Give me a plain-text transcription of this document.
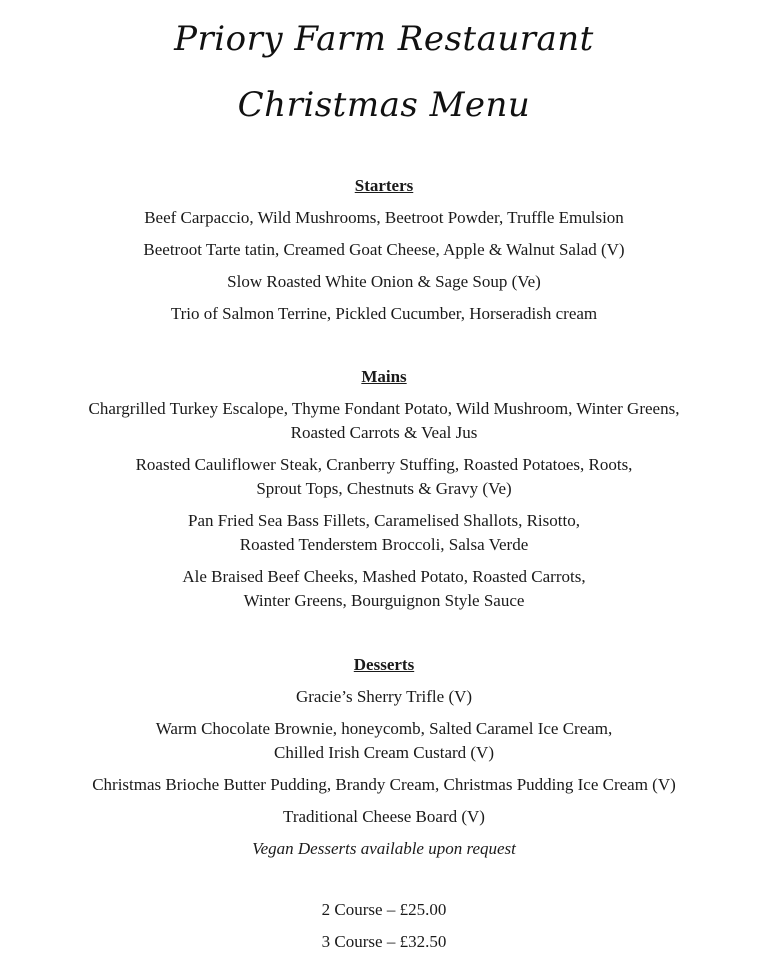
Priory Farm Restaurant
Christmas Menu
Starters

Beef Carpaccio, Wild Mushrooms, Beetroot Powder, Truffle Emulsion

Beetroot Tarte tatin, Creamed Goat Cheese, Apple & Walnut Salad (V)

Slow Roasted White Onion & Sage Soup (Ve)

Trio of Salmon Terrine, Pickled Cucumber, Horseradish cream

Mains

Chargrilled Turkey Escalope, Thyme Fondant Potato, Wild Mushroom, Winter Greens,
Roasted Carrots & Veal Jus

Roasted Cauliflower Steak, Cranberry Stuffing, Roasted Potatoes, Roots,
Sprout Tops, Chestnuts & Gravy (Ve)

Pan Fried Sea Bass Fillets, Caramelised Shallots, Risotto,
Roasted Tenderstem Broccoli, Salsa Verde

Ale Braised Beef Cheeks, Mashed Potato, Roasted Carrots,
Winter Greens, Bourguignon Style Sauce

Desserts

Gracie’s Sherry Trifle (V)

Warm Chocolate Brownie, honeycomb, Salted Caramel Ice Cream,
Chilled Irish Cream Custard (V)

Christmas Brioche Butter Pudding, Brandy Cream, Christmas Pudding Ice Cream (V)

Traditional Cheese Board (V)

Vegan Desserts available upon request

2 Course – £25.00

3 Course – £32.50
